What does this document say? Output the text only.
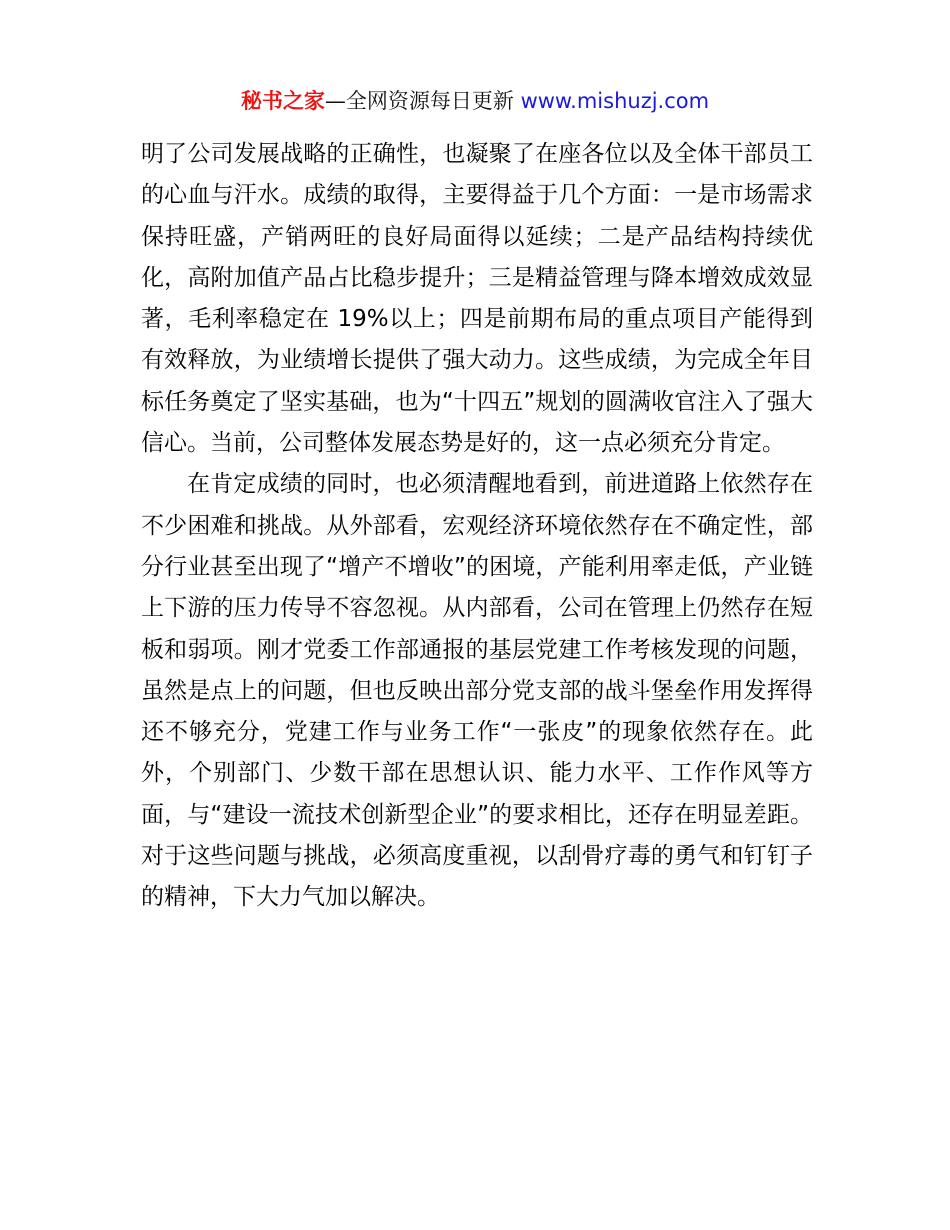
秘书之家—全网资源每日更新 www.mishuzj.com

明了公司发展战略的正确性，也凝聚了在座各位以及全体干部员工的心血与汗水。成绩的取得，主要得益于几个方面：一是市场需求保持旺盛，产销两旺的良好局面得以延续；二是产品结构持续优化，高附加值产品占比稳步提升；三是精益管理与降本增效成效显著，毛利率稳定在 19%以上；四是前期布局的重点项目产能得到有效释放，为业绩增长提供了强大动力。这些成绩，为完成全年目标任务奠定了坚实基础，也为“十四五”规划的圆满收官注入了强大信心。当前，公司整体发展态势是好的，这一点必须充分肯定。

在肯定成绩的同时，也必须清醒地看到，前进道路上依然存在不少困难和挑战。从外部看，宏观经济环境依然存在不确定性，部分行业甚至出现了“增产不增收”的困境，产能利用率走低，产业链上下游的压力传导不容忽视。从内部看，公司在管理上仍然存在短板和弱项。刚才党委工作部通报的基层党建工作考核发现的问题，虽然是点上的问题，但也反映出部分党支部的战斗堡垒作用发挥得还不够充分，党建工作与业务工作“一张皮”的现象依然存在。此外，个别部门、少数干部在思想认识、能力水平、工作作风等方面，与“建设一流技术创新型企业”的要求相比，还存在明显差距。对于这些问题与挑战，必须高度重视，以刮骨疗毒的勇气和钉钉子的精神，下大力气加以解决。
